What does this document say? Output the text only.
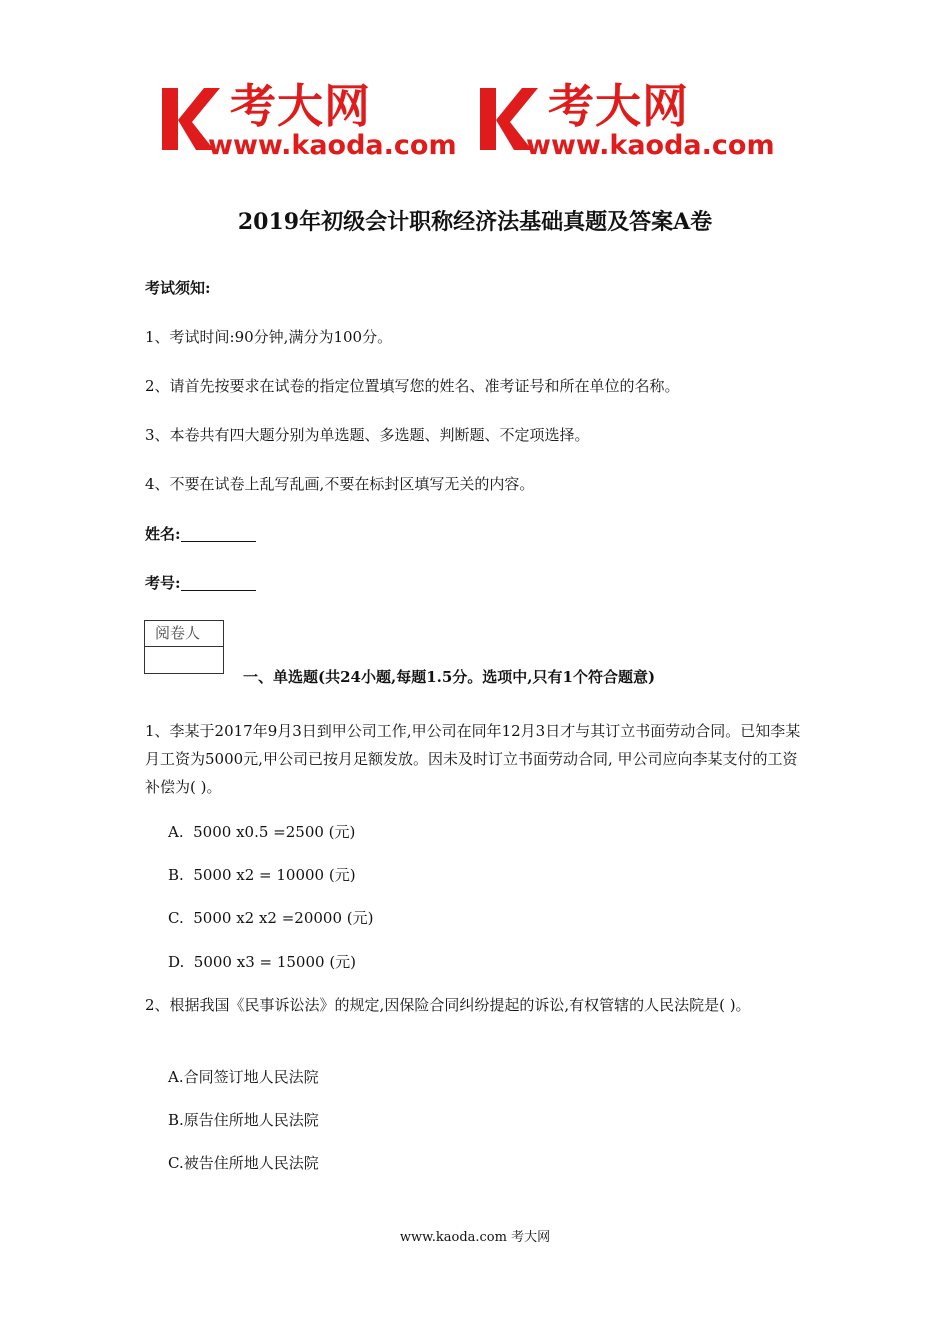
考大网
www.kaoda.com
考大网
www.kaoda.com
2019年初级会计职称经济法基础真题及答案A卷
考试须知:
1、考试时间:90分钟,满分为100分。
2、请首先按要求在试卷的指定位置填写您的姓名、准考证号和所在单位的名称。
3、本卷共有四大题分别为单选题、多选题、判断题、不定项选择。
4、不要在试卷上乱写乱画,不要在标封区填写无关的内容。
姓名:
考号:
阅卷人
一、单选题(共24小题,每题1.5分。选项中,只有1个符合题意)
1、李某于2017年9月3日到甲公司工作,甲公司在同年12月3日才与其订立书面劳动合同。已知李某月工资为5000元,甲公司已按月足额发放。因未及时订立书面劳动合同, 甲公司应向李某支付的工资补偿为( )。
A.  5000 x0.5 =2500 (元)
B.  5000 x2 = 10000 (元)
C.  5000 x2 x2 =20000 (元)
D.  5000 x3 = 15000 (元)
2、根据我国《民事诉讼法》的规定,因保险合同纠纷提起的诉讼,有权管辖的人民法院是( )。
A.合同签订地人民法院
B.原告住所地人民法院
C.被告住所地人民法院
www.kaoda.com 考大网
